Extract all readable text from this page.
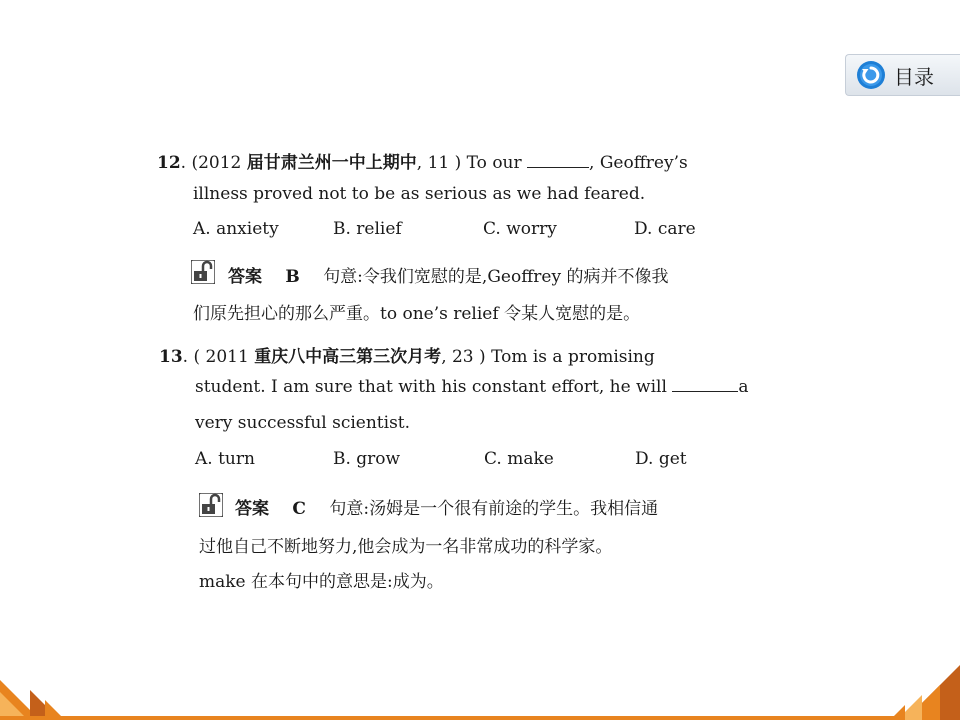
目录
12. (2012 届甘肃兰州一中上期中, 11 ) To our	, Geoffrey’s
illness proved not to be as serious as we had feared.
A. anxiety	B. relief	C. worry	D. care
答案 B 句意:令我们宽慰的是,Geoffrey 的病并不像我
们原先担心的那么严重。to one’s relief 令某人宽慰的是。
13. ( 2011 重庆八中高三第三次月考, 23 ) Tom is a promising
student. I am sure that with his constant effort, he will	a
very successful scientist.
A. turn	B. grow	C. make	D. get
答案 C 句意:汤姆是一个很有前途的学生。我相信通
过他自己不断地努力,他会成为一名非常成功的科学家。
make 在本句中的意思是:成为。
